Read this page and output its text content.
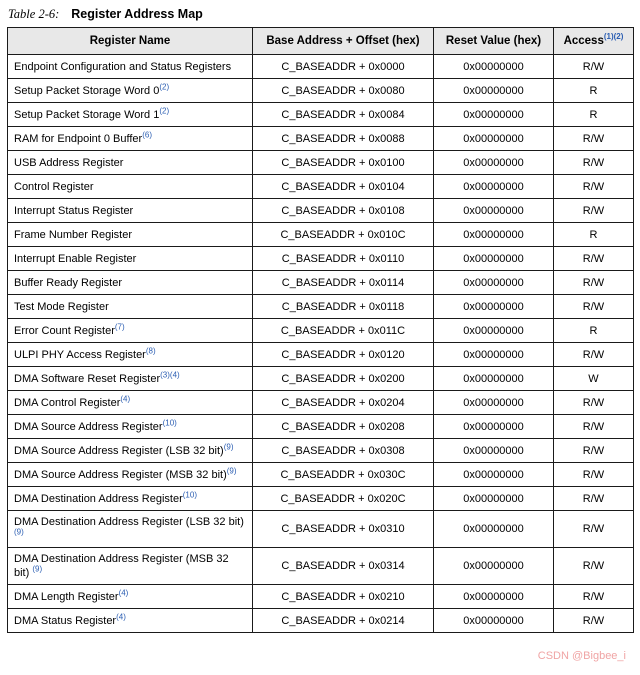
Table 2-6: Register Address Map
Register Name	Base Address + Offset (hex)	Reset Value (hex)	Access$^{(1)(2)}$
Endpoint Configuration and Status Registers	C_BASEADDR + 0x0000	0x00000000	R/W
Setup Packet Storage Word 0$^{(2)}$	C_BASEADDR + 0x0080	0x00000000	R
Setup Packet Storage Word 1$^{(2)}$	C_BASEADDR + 0x0084	0x00000000	R
RAM for Endpoint 0 Buffer$^{(6)}$	C_BASEADDR + 0x0088	0x00000000	R/W
USB Address Register	C_BASEADDR + 0x0100	0x00000000	R/W
Control Register	C_BASEADDR + 0x0104	0x00000000	R/W
Interrupt Status Register	C_BASEADDR + 0x0108	0x00000000	R/W
Frame Number Register	C_BASEADDR + 0x010C	0x00000000	R
Interrupt Enable Register	C_BASEADDR + 0x0110	0x00000000	R/W
Buffer Ready Register	C_BASEADDR + 0x0114	0x00000000	R/W
Test Mode Register	C_BASEADDR + 0x0118	0x00000000	R/W
Error Count Register$^{(7)}$	C_BASEADDR + 0x011C	0x00000000	R
ULPI PHY Access Register$^{(8)}$	C_BASEADDR + 0x0120	0x00000000	R/W
DMA Software Reset Register$^{(3)(4)}$	C_BASEADDR + 0x0200	0x00000000	W
DMA Control Register$^{(4)}$	C_BASEADDR + 0x0204	0x00000000	R/W
DMA Source Address Register$^{(10)}$	C_BASEADDR + 0x0208	0x00000000	R/W
DMA Source Address Register (LSB 32 bit)$^{(9)}$	C_BASEADDR + 0x0308	0x00000000	R/W
DMA Source Address Register (MSB 32 bit)$^{(9)}$	C_BASEADDR + 0x030C	0x00000000	R/W
DMA Destination Address Register$^{(10)}$	C_BASEADDR + 0x020C	0x00000000	R/W
DMA Destination Address Register (LSB 32 bit)$^{(9)}$	C_BASEADDR + 0x0310	0x00000000	R/W
DMA Destination Address Register (MSB 32 bit) $^{(9)}$	C_BASEADDR + 0x0314	0x00000000	R/W
DMA Length Register$^{(4)}$	C_BASEADDR + 0x0210	0x00000000	R/W
DMA Status Register$^{(4)}$	C_BASEADDR + 0x0214	0x00000000	R/W
CSDN @Bigbee_i
